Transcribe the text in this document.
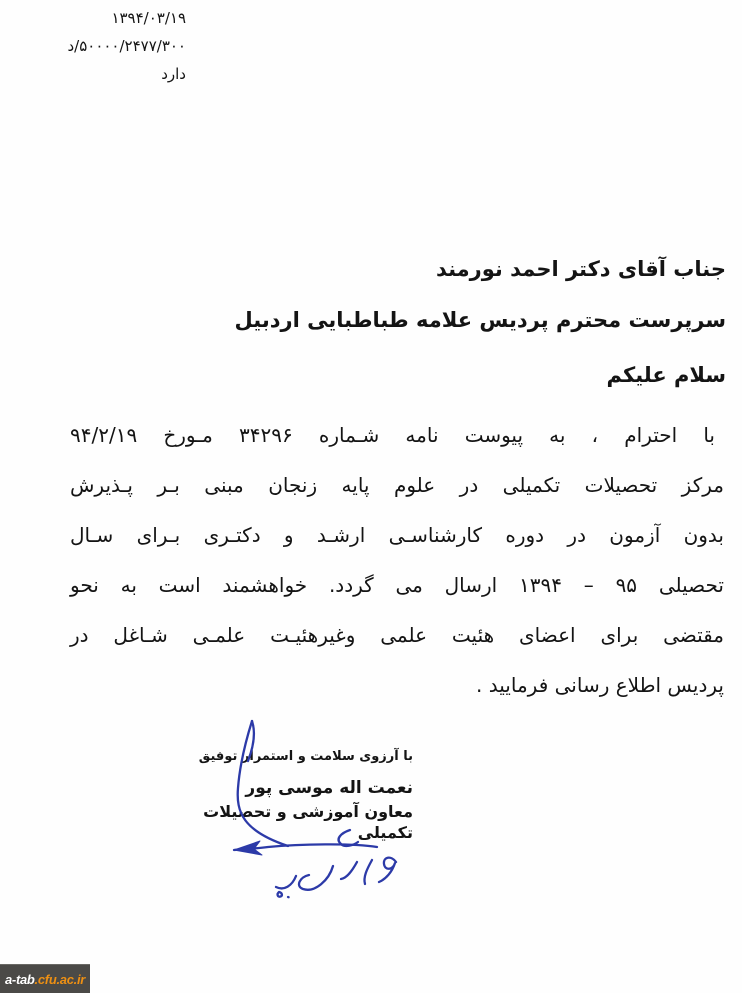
۱۳۹۴/۰۳/۱۹
۵۰۰۰۰/۲۴۷۷/۳۰۰/د
دارد
جناب آقای دکتر احمد نورمند
سرپرست محترم پردیس علامه طباطبایی اردبیل
سلام علیکم
با احترام ، به پیوست نامه شـماره ۳۴۲۹۶ مـورخ ۹۴/۲/۱۹
مرکز تحصیلات تکمیلی در علوم پایه زنجان مبنی بـر پـذیرش
بدون آزمون در دوره کارشناسـی ارشـد و دکتـری بـرای سـال
تحصیلی ۹۵ – ۱۳۹۴ ارسال می گردد. خواهشمند است به نحو
مقتضی برای اعضای هئیت علمی وغیرهئیـت علمـی شـاغل در
پردیس اطلاع رسانی فرمایید .
با آرزوی سلامت و استمرار توفیق
نعمت اله موسی پور
معاون آموزشی و تحصیلات تکمیلی
a-tab .cfu.ac.ir
